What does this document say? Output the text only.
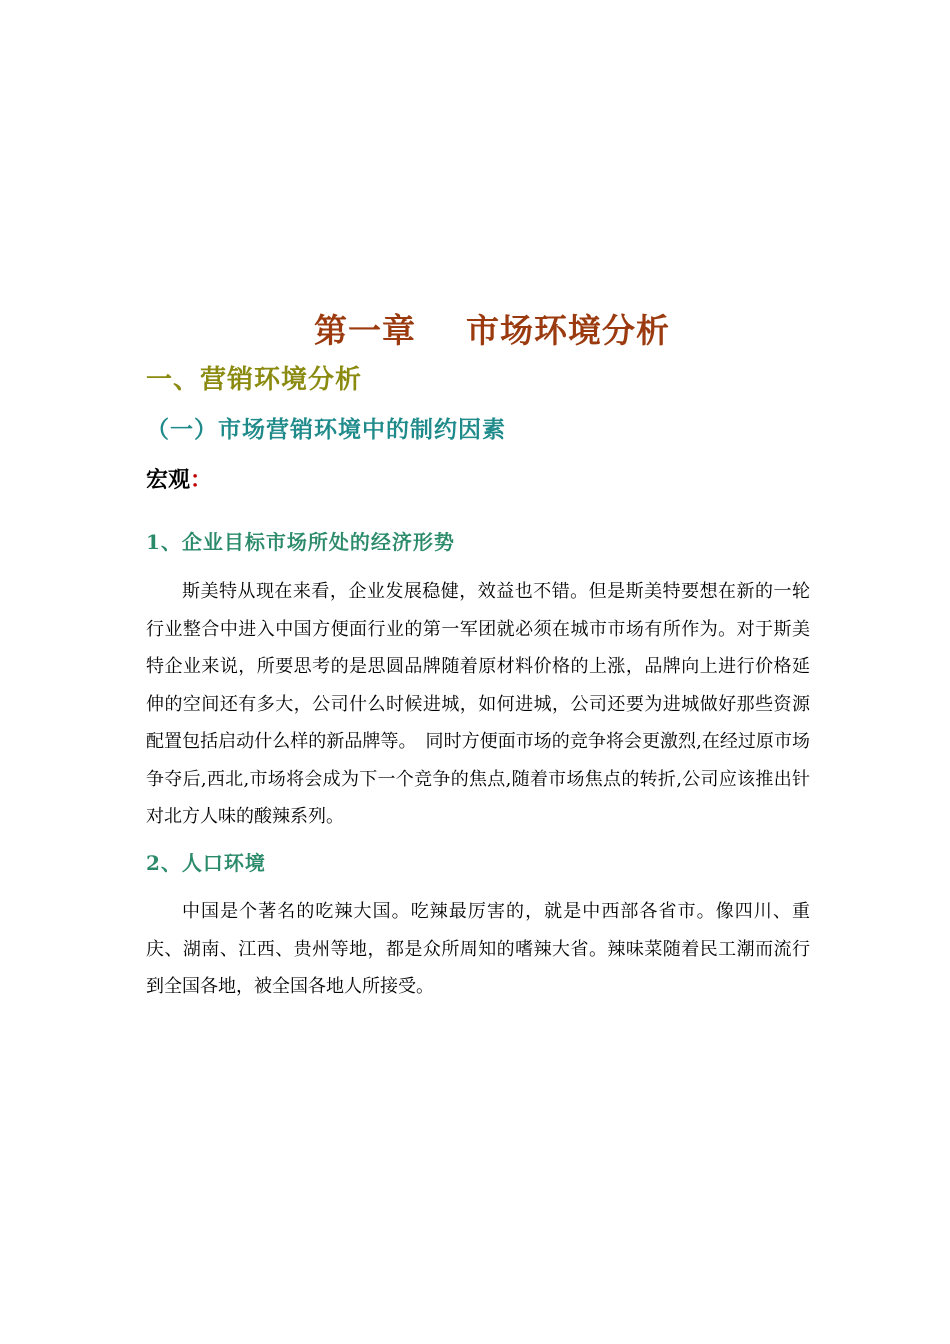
第一章    市场环境分析
一、营销环境分析
（一）市场营销环境中的制约因素
宏观：
1、企业目标市场所处的经济形势

斯美特从现在来看，企业发展稳健，效益也不错。但是斯美特要想在新的一轮行业整合中进入中国方便面行业的第一军团就必须在城市市场有所作为。对于斯美特企业来说，所要思考的是思圆品牌随着原材料价格的上涨，品牌向上进行价格延伸的空间还有多大，公司什么时候进城，如何进城，公司还要为进城做好那些资源配置包括启动什么样的新品牌等。　同时方便面市场的竞争将会更激烈,在经过原市场争夺后,西北,市场将会成为下一个竞争的焦点,随着市场焦点的转折,公司应该推出针对北方人味的酸辣系列。

2、人口环境

中国是个著名的吃辣大国。吃辣最厉害的，就是中西部各省市。像四川、重庆、湖南、江西、贵州等地，都是众所周知的嗜辣大省。辣味菜随着民工潮而流行到全国各地，被全国各地人所接受。
